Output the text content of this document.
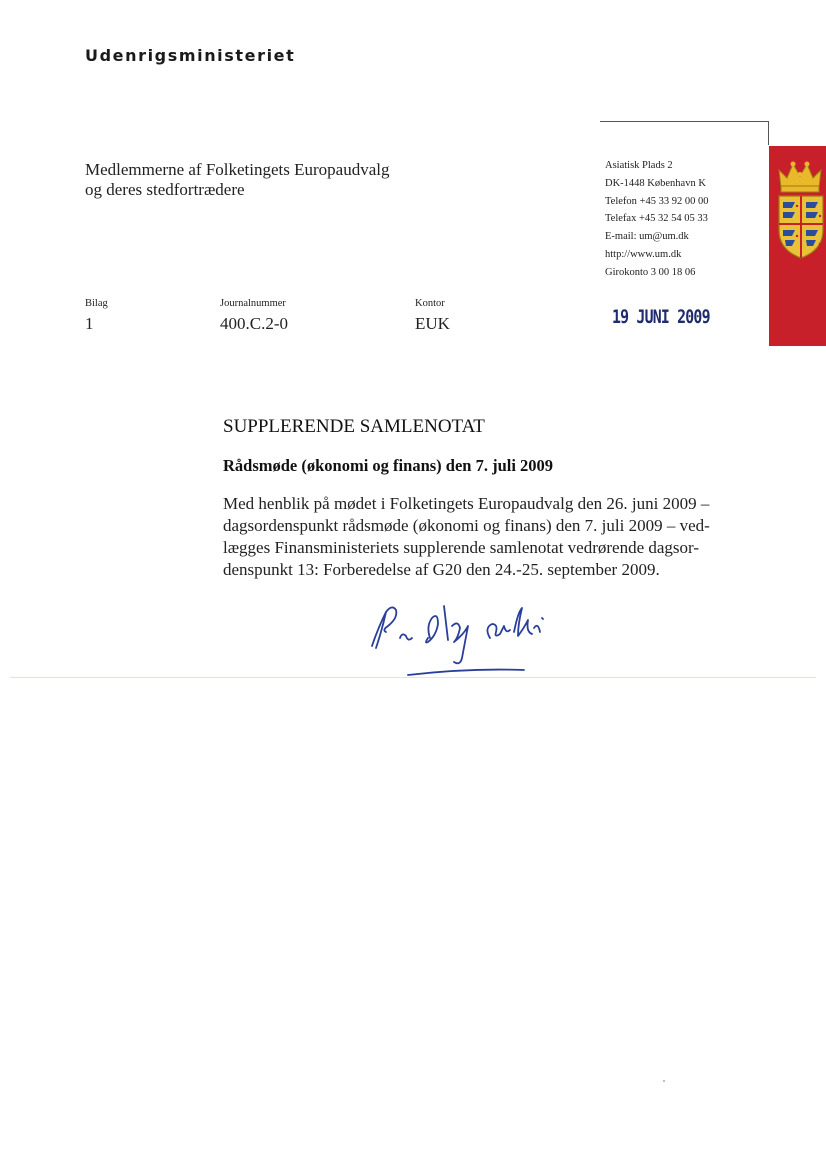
Udenrigsministeriet
Medlemmerne af Folketingets Europaudvalg
og deres stedfortrædere
Asiatisk Plads 2
DK-1448 København K
Telefon +45 33 92 00 00
Telefax +45 32 54 05 33
E-mail: um@um.dk
http://www.um.dk
Girokonto 3 00 18 06
Bilag
1
Journalnummer
400.C.2-0
Kontor
EUK	19 JUNI 2009
SUPPLERENDE SAMLENOTAT
Rådsmøde (økonomi og finans) den 7. juli 2009
Med henblik på mødet i Folketingets Europaudvalg den 26. juni 2009 –
dagsordenspunkt rådsmøde (økonomi og finans) den 7. juli 2009 – ved-
lægges Finansministeriets supplerende samlenotat vedrørende dagsor-
denspunkt 13: Forberedelse af G20 den 24.-25. september 2009.
